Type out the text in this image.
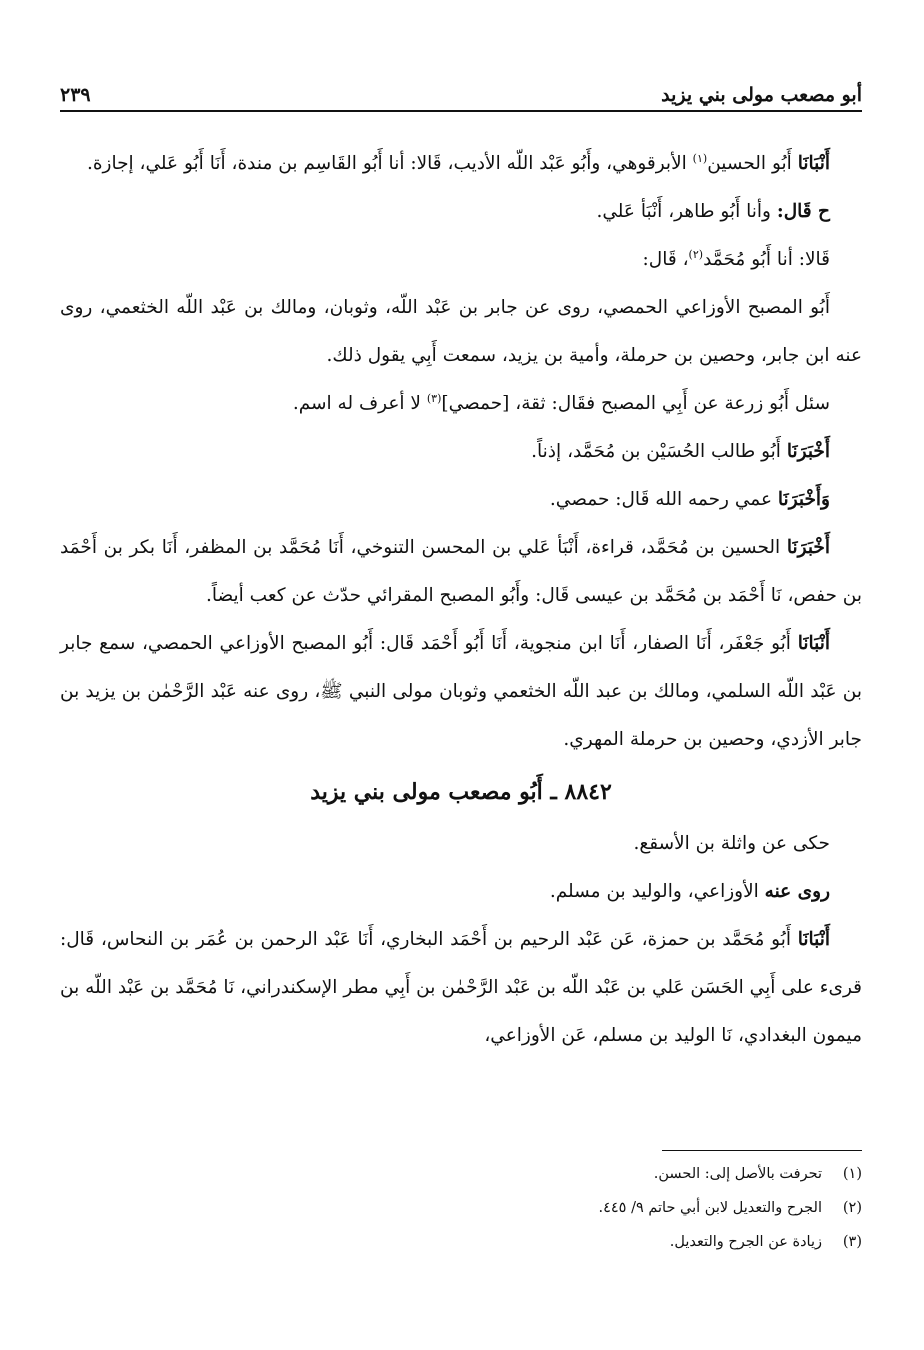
أبو مصعب مولى بني يزيد
٢٣٩

أَنْبَانَا أَبُو الحسين$^{(١)}$ الأبرقوهي، وأَبُو عَبْد اللّه الأديب، قَالا: أنا أَبُو القَاسِم بن مندة، أَنَا أَبُو عَلي، إجازة.

ح قَال: وأنا أَبُو طاهر، أَنْبَأ عَلي.

قَالا: أنا أَبُو مُحَمَّد$^{(٢)}$، قَال:

أَبُو المصبح الأوزاعي الحمصي، روى عن جابر بن عَبْد اللّه، وثوبان، ومالك بن عَبْد اللّه الخثعمي، روى عنه ابن جابر، وحصين بن حرملة، وأمية بن يزيد، سمعت أَبِي يقول ذلك.

سئل أَبُو زرعة عن أَبِي المصبح فقَال: ثقة، [حمصي]$^{(٣)}$ لا أعرف له اسم.

أَخْبَرَنَا أَبُو طالب الحُسَيْن بن مُحَمَّد، إذناً.

وَأَخْبَرَنَا عمي رحمه الله قَال: حمصي.

أَخْبَرَنَا الحسين بن مُحَمَّد، قراءة، أَنْبَأ عَلي بن المحسن التنوخي، أَنَا مُحَمَّد بن المظفر، أَنَا بكر بن أَحْمَد بن حفص، نَا أَحْمَد بن مُحَمَّد بن عيسى قَال: وأَبُو المصبح المقرائي حدّث عن كعب أيضاً.

أَنْبَانَا أَبُو جَعْفَر، أَنَا الصفار، أَنَا ابن منجوية، أَنَا أَبُو أَحْمَد قَال: أَبُو المصبح الأوزاعي الحمصي، سمع جابر بن عَبْد اللّه السلمي، ومالك بن عبد اللّه الخثعمي وثوبان مولى النبي ﷺ، روى عنه عَبْد الرَّحْمٰن بن يزيد بن جابر الأزدي، وحصين بن حرملة المهري.

٨٨٤٢ ـ أَبُو مصعب مولى بني يزيد

حكى عن واثلة بن الأسقع.

روى عنه الأوزاعي، والوليد بن مسلم.

أَنْبَانَا أَبُو مُحَمَّد بن حمزة، عَن عَبْد الرحيم بن أَحْمَد البخاري، أَنَا عَبْد الرحمن بن عُمَر بن النحاس، قَال: قرىء على أَبِي الحَسَن عَلي بن عَبْد اللّه بن عَبْد الرَّحْمٰن بن أَبِي مطر الإسكندراني، نَا مُحَمَّد بن عَبْد اللّه بن ميمون البغدادي، نَا الوليد بن مسلم، عَن الأوزاعي،

(١)
تحرفت بالأصل إلى: الحسن.
(٢)
الجرح والتعديل لابن أبي حاتم ٩/ ٤٤٥.
(٣)
زيادة عن الجرح والتعديل.
